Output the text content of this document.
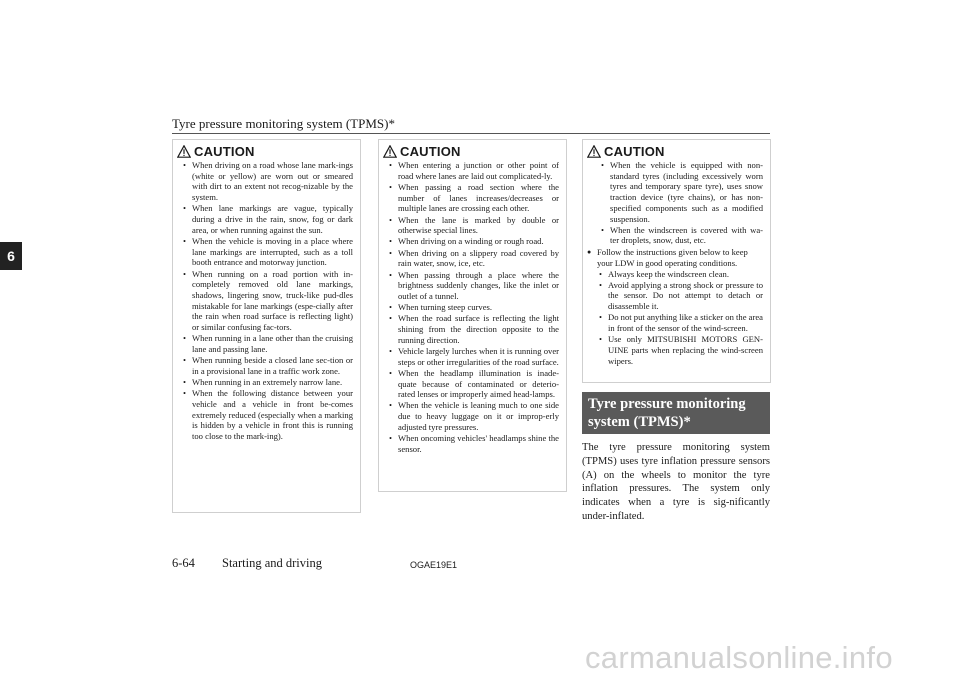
Tyre pressure monitoring system (TPMS)*
6
CAUTION
• When driving on a road whose lane mark-ings (white or yellow) are worn out or smeared with dirt to an extent not recog-nizable by the system.
• When lane markings are vague, typically during a drive in the rain, snow, fog or dark area, or when running against the sun.
• When the vehicle is moving in a place where lane markings are interrupted, such as a toll booth entrance and motorway junction.
• When running on a road portion with in-completely removed old lane markings, shadows, lingering snow, truck-like pud-dles mistakable for lane markings (espe-cially after the rain when road surface is reflecting light) or similar confusing fac-tors.
• When running in a lane other than the cruising lane and passing lane.
• When running beside a closed lane sec-tion or in a provisional lane in a traffic work zone.
• When running in an extremely narrow lane.
• When the following distance between your vehicle and a vehicle in front be-comes extremely reduced (especially when a marking is hidden by a vehicle in front this is running too close to the mark-ing).
CAUTION
• When entering a junction or other point of road where lanes are laid out complicated-ly.
• When passing a road section where the number of lanes increases/decreases or multiple lanes are crossing each other.
• When the lane is marked by double or otherwise special lines.
• When driving on a winding or rough road.
• When driving on a slippery road covered by rain water, snow, ice, etc.
• When passing through a place where the brightness suddenly changes, like the inlet or outlet of a tunnel.
• When turning steep curves.
• When the road surface is reflecting the light shining from the direction opposite to the running direction.
• Vehicle largely lurches when it is running over steps or other irregularities of the road surface.
• When the headlamp illumination is inade-quate because of contaminated or deterio-rated lenses or improperly aimed head-lamps.
• When the vehicle is leaning much to one side due to heavy luggage on it or improp-erly adjusted tyre pressures.
• When oncoming vehicles' headlamps shine the sensor.
CAUTION
• When the vehicle is equipped with non-standard tyres (including excessively worn tyres and temporary spare tyre), uses snow traction device (tyre chains), or has non-specified components such as a modified suspension.
• When the windscreen is covered with wa-ter droplets, snow, dust, etc.
● Follow the instructions given below to keep your LDW in good operating conditions.
• Always keep the windscreen clean.
• Avoid applying a strong shock or pressure to the sensor. Do not attempt to detach or disassemble it.
• Do not put anything like a sticker on the area in front of the sensor of the wind-screen.
• Use only MITSUBISHI MOTORS GEN-UINE parts when replacing the wind-screen wipers.
Tyre pressure monitoring system (TPMS)*
The tyre pressure monitoring system (TPMS) uses tyre inflation pressure sensors (A) on the wheels to monitor the tyre inflation pressures. The system only indicates when a tyre is sig-nificantly under-inflated.
6-64 Starting and driving	OGAE19E1
carmanualsonline.info
